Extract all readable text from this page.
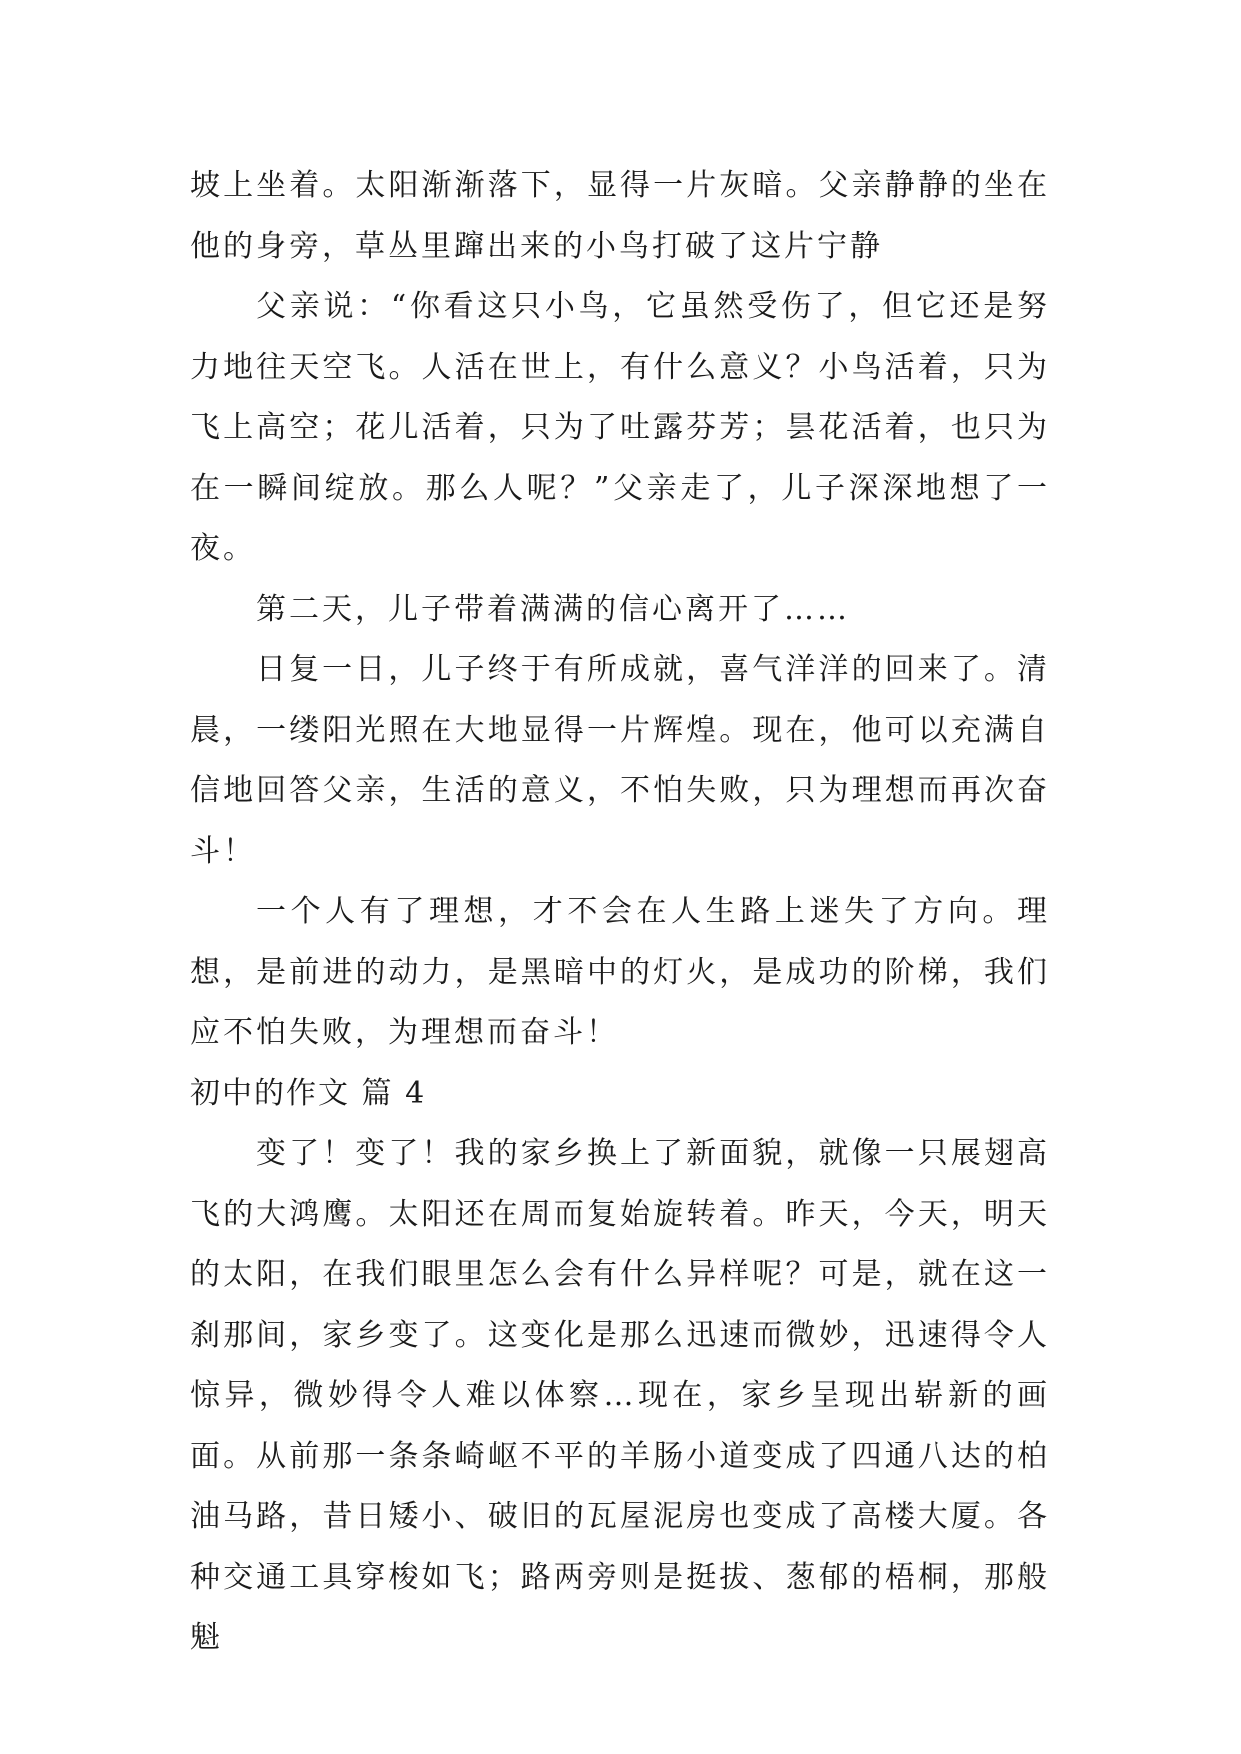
坡上坐着。太阳渐渐落下，显得一片灰暗。父亲静静的坐在他的身旁，草丛里蹿出来的小鸟打破了这片宁静

父亲说：“你看这只小鸟，它虽然受伤了，但它还是努力地往天空飞。人活在世上，有什么意义？小鸟活着，只为飞上高空；花儿活着，只为了吐露芬芳；昙花活着，也只为在一瞬间绽放。那么人呢？”父亲走了，儿子深深地想了一夜。

第二天，儿子带着满满的信心离开了……

日复一日，儿子终于有所成就，喜气洋洋的回来了。清晨，一缕阳光照在大地显得一片辉煌。现在，他可以充满自信地回答父亲，生活的意义，不怕失败，只为理想而再次奋斗！

一个人有了理想，才不会在人生路上迷失了方向。理想，是前进的动力，是黑暗中的灯火，是成功的阶梯，我们应不怕失败，为理想而奋斗！

初中的作文 篇 4

变了！变了！我的家乡换上了新面貌，就像一只展翅高飞的大鸿鹰。太阳还在周而复始旋转着。昨天，今天，明天的太阳，在我们眼里怎么会有什么异样呢？可是，就在这一刹那间，家乡变了。这变化是那么迅速而微妙，迅速得令人惊异，微妙得令人难以体察…现在，家乡呈现出崭新的画面。从前那一条条崎岖不平的羊肠小道变成了四通八达的柏油马路，昔日矮小、破旧的瓦屋泥房也变成了高楼大厦。各种交通工具穿梭如飞；路两旁则是挺拔、葱郁的梧桐，那般魁
